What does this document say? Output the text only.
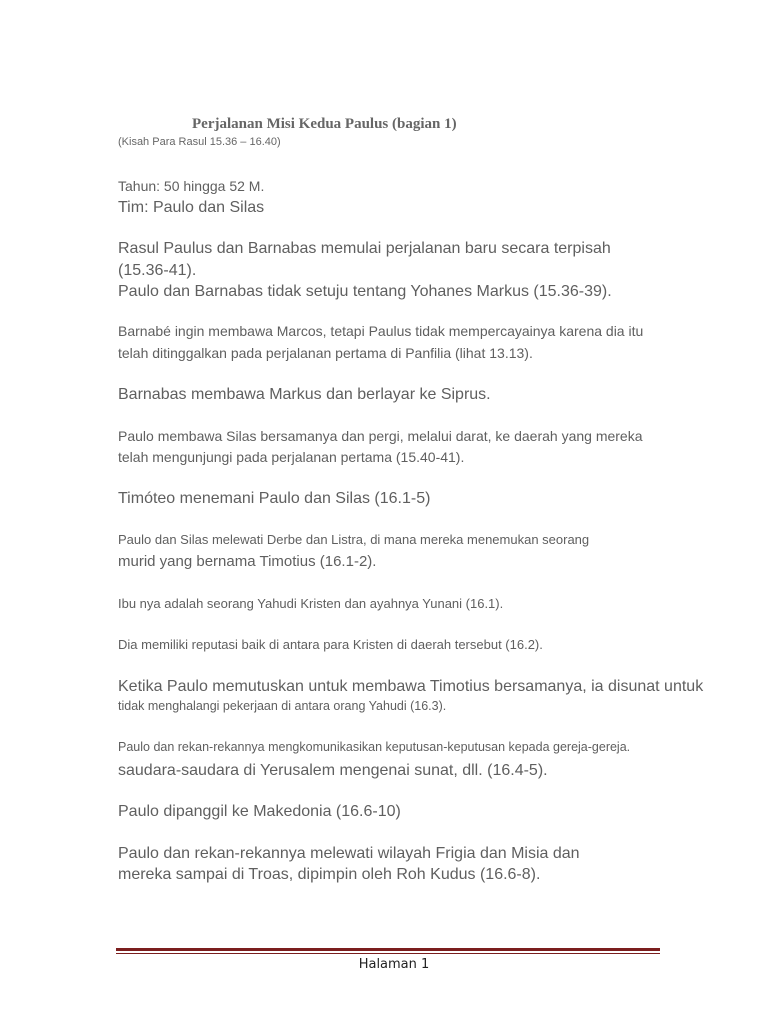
Perjalanan Misi Kedua Paulus (bagian 1)

(Kisah Para Rasul 15.36 – 16.40)

Tahun: 50 hingga 52 M.

Tim: Paulo dan Silas

Rasul Paulus dan Barnabas memulai perjalanan baru secara terpisah

(15.36-41).

Paulo dan Barnabas tidak setuju tentang Yohanes Markus (15.36-39).

Barnabé ingin membawa Marcos, tetapi Paulus tidak mempercayainya karena dia itu

telah ditinggalkan pada perjalanan pertama di Panfilia (lihat 13.13).

Barnabas membawa Markus dan berlayar ke Siprus.

Paulo membawa Silas bersamanya dan pergi, melalui darat, ke daerah yang mereka

telah mengunjungi pada perjalanan pertama (15.40-41).

Timóteo menemani Paulo dan Silas (16.1-5)

Paulo dan Silas melewati Derbe dan Listra, di mana mereka menemukan seorang

murid yang bernama Timotius (16.1-2).

Ibu nya adalah seorang Yahudi Kristen dan ayahnya Yunani (16.1).

Dia memiliki reputasi baik di antara para Kristen di daerah tersebut (16.2).

Ketika Paulo memutuskan untuk membawa Timotius bersamanya, ia disunat untuk

tidak menghalangi pekerjaan di antara orang Yahudi (16.3).

Paulo dan rekan-rekannya mengkomunikasikan keputusan-keputusan kepada gereja-gereja.

saudara-saudara di Yerusalem mengenai sunat, dll. (16.4-5).

Paulo dipanggil ke Makedonia (16.6-10)

Paulo dan rekan-rekannya melewati wilayah Frigia dan Misia dan

mereka sampai di Troas, dipimpin oleh Roh Kudus (16.6-8).

Halaman 1
